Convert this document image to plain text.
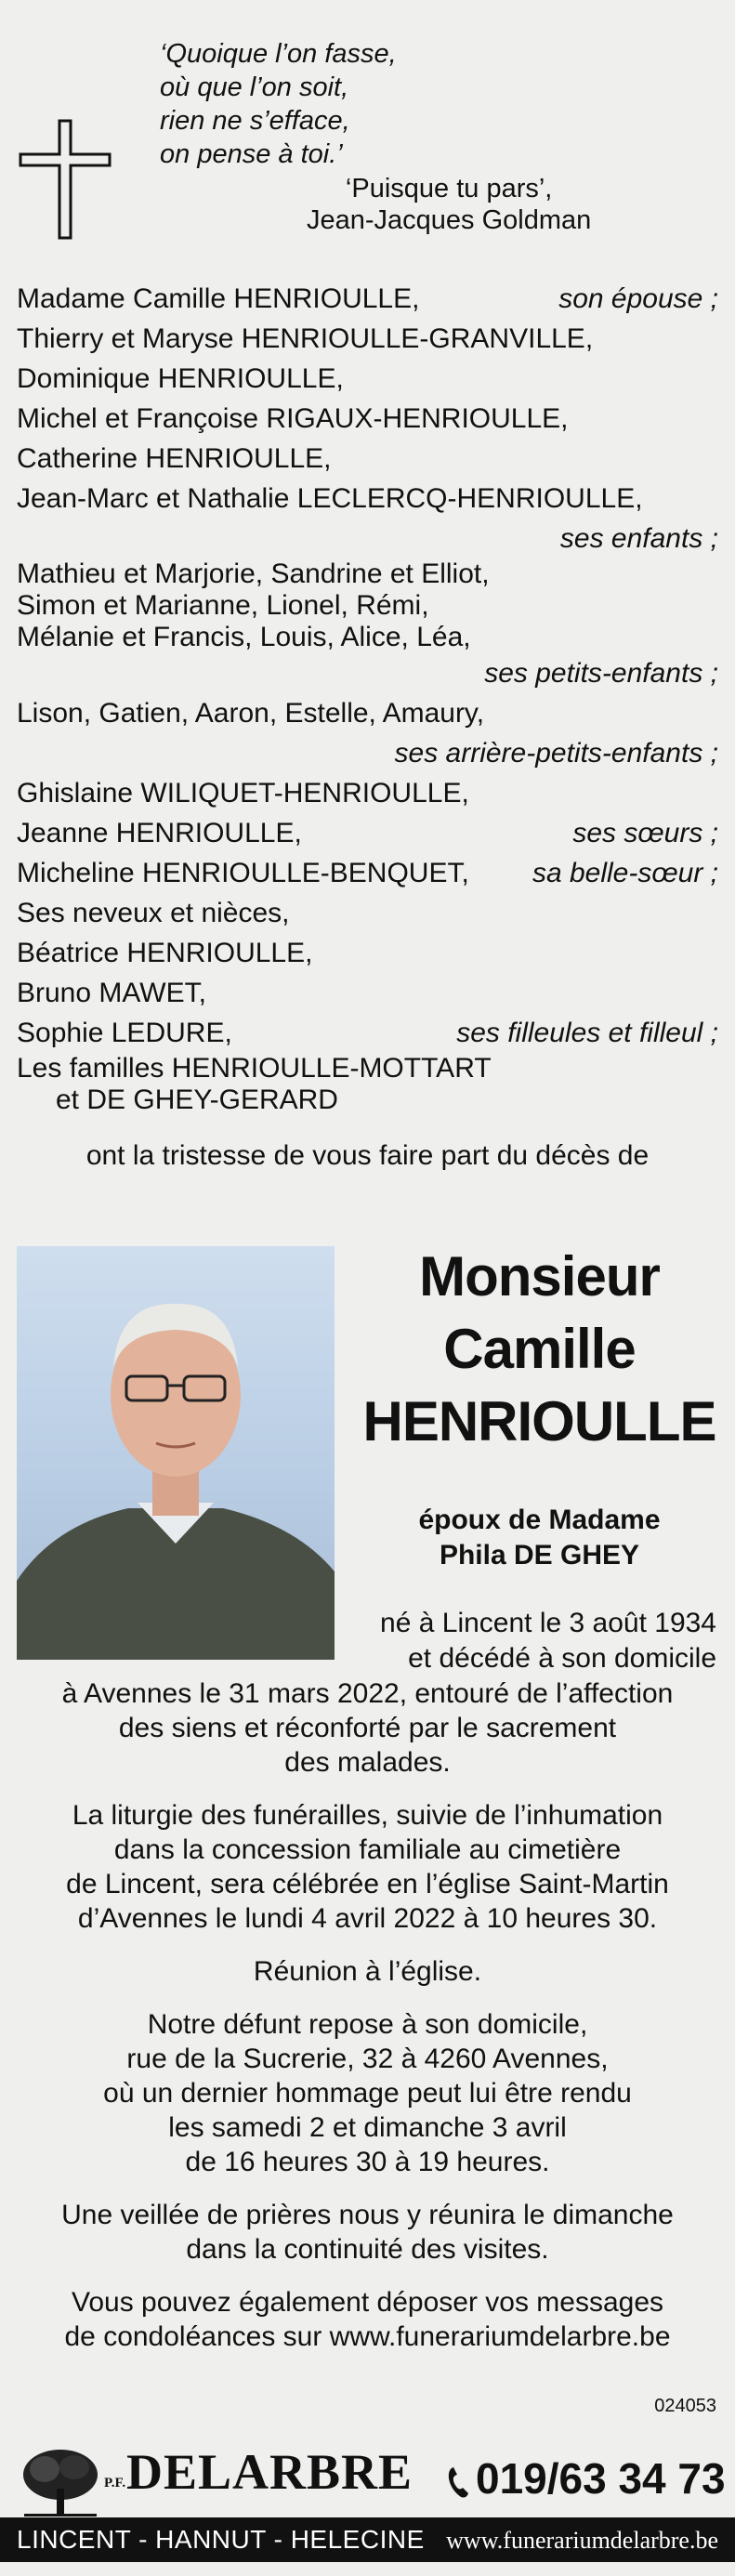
‘Quoique l’on fasse,
où que l’on soit,
rien ne s’efface,
on pense à toi.’
‘Puisque tu pars’,
Jean-Jacques Goldman
Madame Camille HENRIOULLE,	son épouse ;
Thierry et Maryse HENRIOULLE-GRANVILLE,
Dominique HENRIOULLE,
Michel et Françoise RIGAUX-HENRIOULLE,
Catherine HENRIOULLE,
Jean-Marc et Nathalie LECLERCQ-HENRIOULLE,
ses enfants ;
Mathieu et Marjorie, Sandrine et Elliot,
Simon et Marianne, Lionel, Rémi,
Mélanie et Francis, Louis, Alice, Léa,
ses petits-enfants ;
Lison, Gatien, Aaron, Estelle, Amaury,
ses arrière-petits-enfants ;
Ghislaine WILIQUET-HENRIOULLE,
Jeanne HENRIOULLE,	ses sœurs ;
Micheline HENRIOULLE-BENQUET, sa belle-sœur ;
Ses neveux et nièces,
Béatrice HENRIOULLE,
Bruno MAWET,
Sophie LEDURE,	ses filleules et filleul ;
Les familles HENRIOULLE-MOTTART
et DE GHEY-GERARD
ont la tristesse de vous faire part du décès de
Monsieur
Camille
HENRIOULLE
époux de Madame
Phila DE GHEY
né à Lincent le 3 août 1934
et décédé à son domicile

à Avennes le 31 mars 2022, entouré de l’affection
des siens et réconforté par le sacrement
des malades.

La liturgie des funérailles, suivie de l’inhumation
dans la concession familiale au cimetière
de Lincent, sera célébrée en l’église Saint-Martin
d’Avennes le lundi 4 avril 2022 à 10 heures 30.

Réunion à l’église.

Notre défunt repose à son domicile,
rue de la Sucrerie, 32 à 4260 Avennes,
où un dernier hommage peut lui être rendu
les samedi 2 et dimanche 3 avril
de 16 heures 30 à 19 heures.

Une veillée de prières nous y réunira le dimanche
dans la continuité des visites.

Vous pouvez également déposer vos messages
de condoléances sur www.funerariumdelarbre.be

024053
P.F. DELARBRE	019/63 34 73
LINCENT - HANNUT - HELECINE www.funerariumdelarbre.be
